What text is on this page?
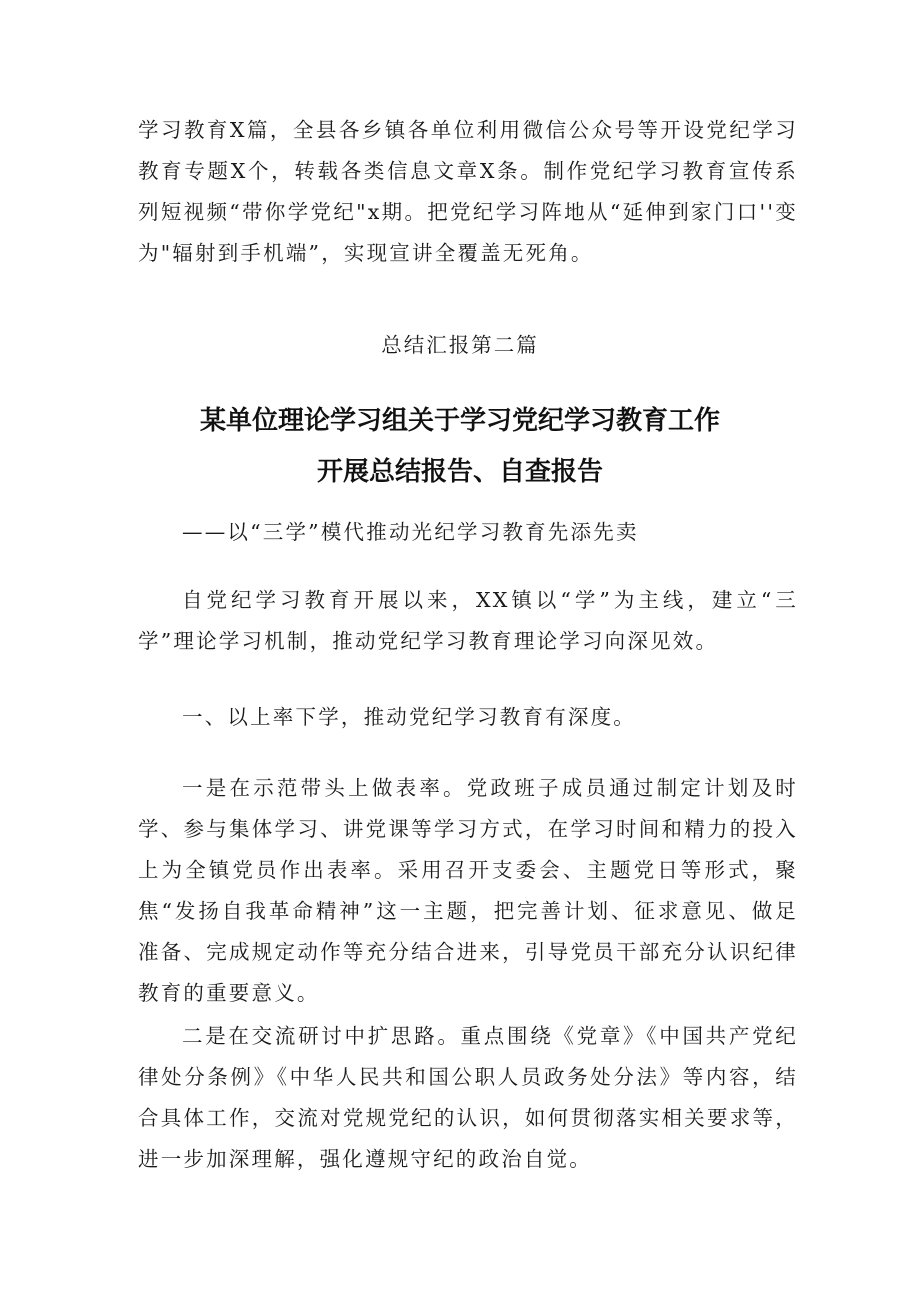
学习教育X篇，全县各乡镇各单位利用微信公众号等开设党纪学习教育专题X个，转载各类信息文章X条。制作党纪学习教育宣传系列短视频“带你学党纪"x期。把党纪学习阵地从“延伸到家门口''变为"辐射到手机端”，实现宣讲全覆盖无死角。

总结汇报第二篇

某单位理论学习组关于学习党纪学习教育工作
开展总结报告、自查报告

——以“三学”模代推动光纪学习教育先添先卖

自党纪学习教育开展以来，XX镇以“学”为主线，建立“三学”理论学习机制，推动党纪学习教育理论学习向深见效。

一、以上率下学，推动党纪学习教育有深度。

一是在示范带头上做表率。党政班子成员通过制定计划及时学、参与集体学习、讲党课等学习方式，在学习时间和精力的投入上为全镇党员作出表率。采用召开支委会、主题党日等形式，聚焦“发扬自我革命精神”这一主题，把完善计划、征求意见、做足准备、完成规定动作等充分结合进来，引导党员干部充分认识纪律教育的重要意义。

二是在交流研讨中扩思路。重点围绕《党章》《中国共产党纪律处分条例》《中华人民共和国公职人员政务处分法》等内容，结合具体工作，交流对党规党纪的认识，如何贯彻落实相关要求等，进一步加深理解，强化遵规守纪的政治自觉。
